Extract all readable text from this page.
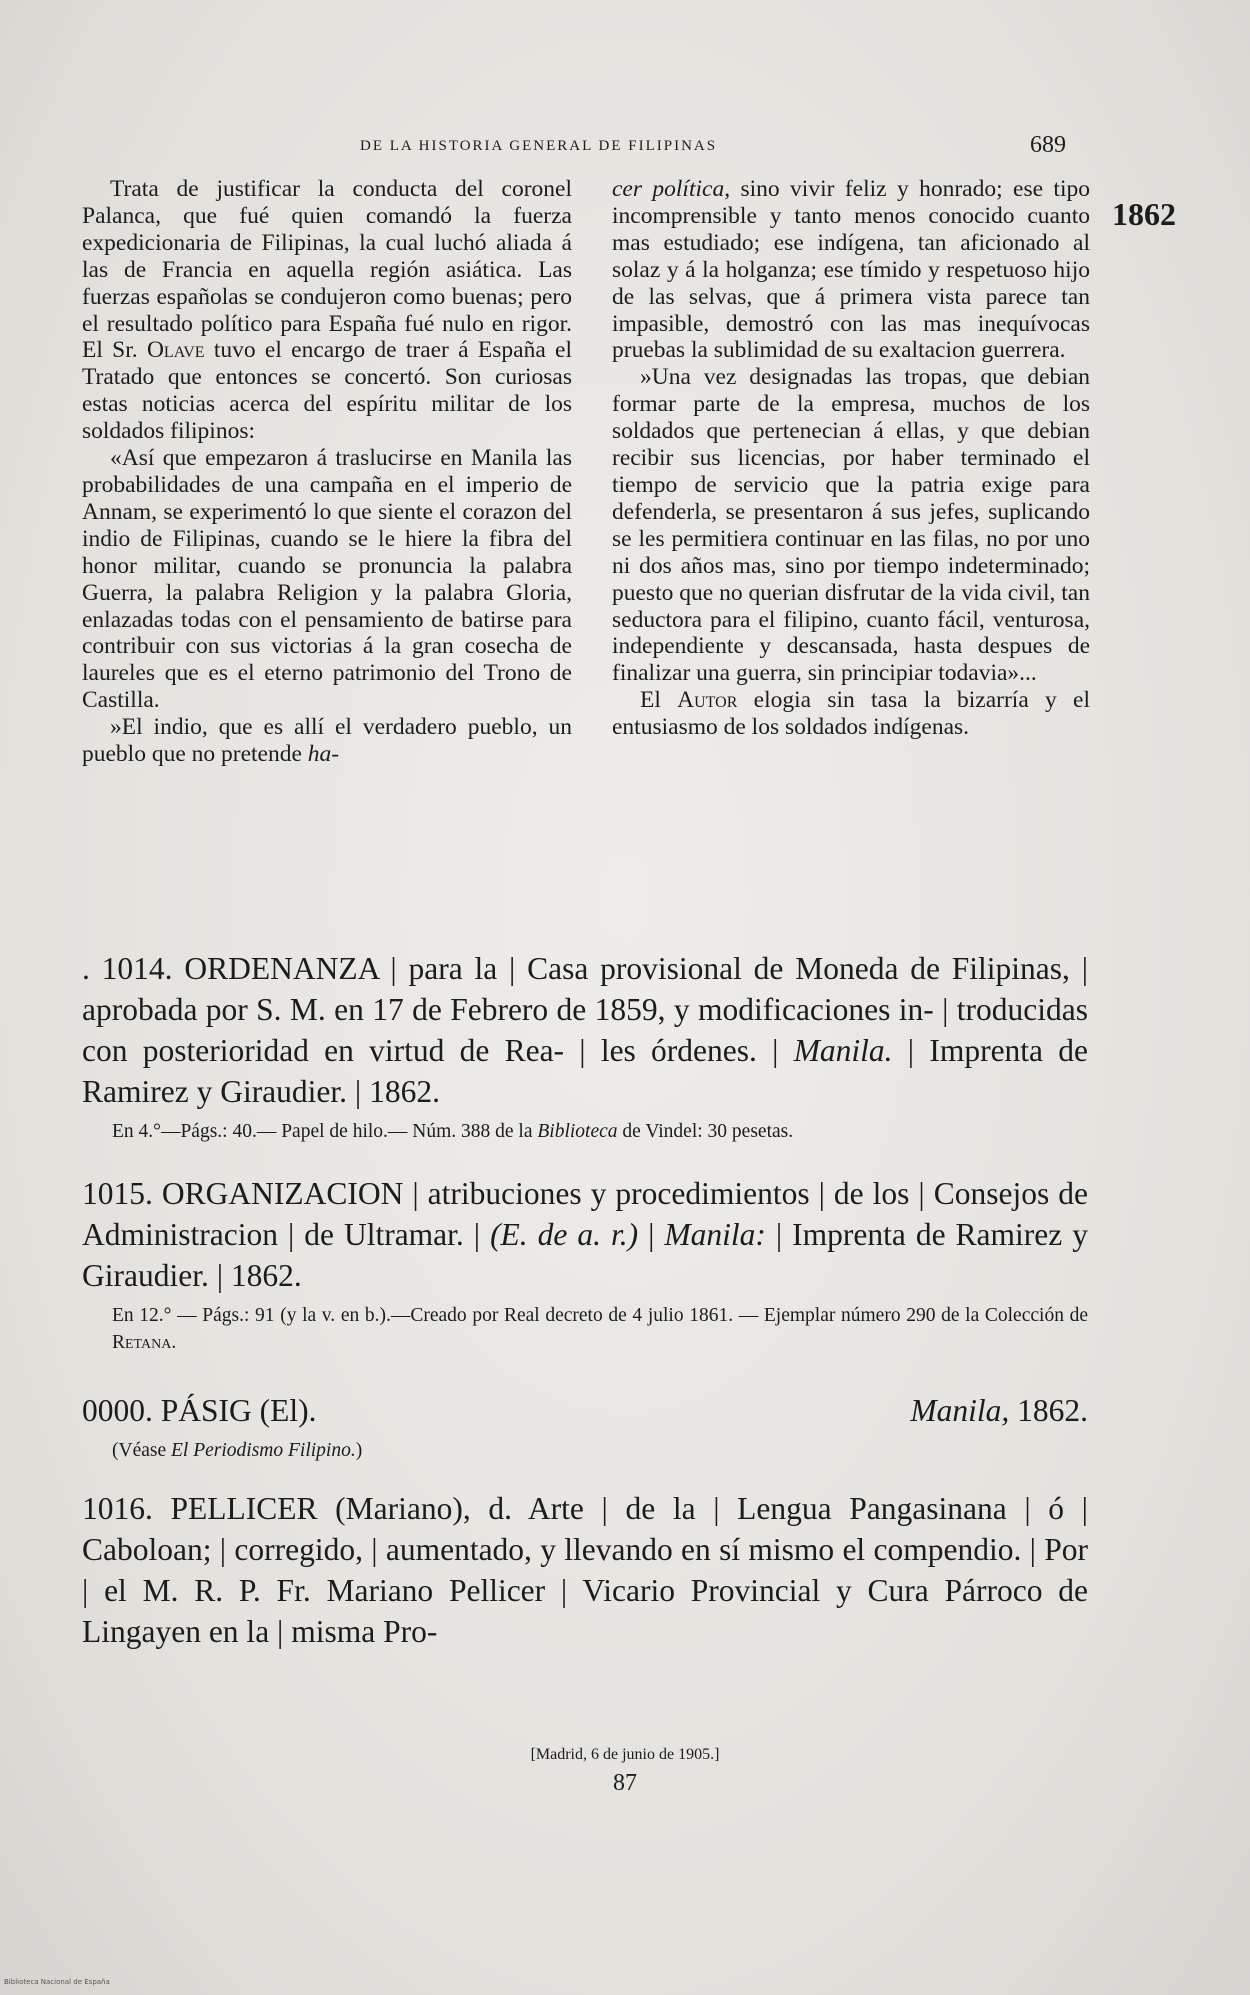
DE LA HISTORIA GENERAL DE FILIPINAS	689
1862

Trata de justificar la conducta del coronel Palanca, que fué quien comandó la fuerza expedicionaria de Filipinas, la cual luchó aliada á las de Francia en aquella región asiática. Las fuerzas españolas se condujeron como buenas; pero el resultado político para España fué nulo en rigor. El Sr. Olave tuvo el encargo de traer á España el Tratado que entonces se concertó. Son curiosas estas noticias acerca del espíritu militar de los soldados filipinos:

«Así que empezaron á traslucirse en Manila las probabilidades de una campaña en el imperio de Annam, se experimentó lo que siente el corazon del indio de Filipinas, cuando se le hiere la fibra del honor militar, cuando se pronuncia la palabra Guerra, la palabra Religion y la palabra Gloria, enlazadas todas con el pensamiento de batirse para contribuir con sus victorias á la gran cosecha de laureles que es el eterno patrimonio del Trono de Castilla.

»El indio, que es allí el verdadero pueblo, un pueblo que no pretende ha-

cer política, sino vivir feliz y honrado; ese tipo incomprensible y tanto menos conocido cuanto mas estudiado; ese indígena, tan aficionado al solaz y á la holganza; ese tímido y respetuoso hijo de las selvas, que á primera vista parece tan impasible, demostró con las mas inequívocas pruebas la sublimidad de su exaltacion guerrera.

»Una vez designadas las tropas, que debian formar parte de la empresa, muchos de los soldados que pertenecian á ellas, y que debian recibir sus licencias, por haber terminado el tiempo de servicio que la patria exige para defenderla, se presentaron á sus jefes, suplicando se les permitiera continuar en las filas, no por uno ni dos años mas, sino por tiempo indeterminado; puesto que no querian disfrutar de la vida civil, tan seductora para el filipino, cuanto fácil, venturosa, independiente y descansada, hasta despues de finalizar una guerra, sin principiar todavia»...

El Autor elogia sin tasa la bizarría y el entusiasmo de los soldados indígenas.

. 1014. ORDENANZA | para la | Casa provisional de Moneda de Filipinas, | aprobada por S. M. en 17 de Febrero de 1859, y modificaciones in- | troducidas con posterioridad en virtud de Rea- | les órdenes. | Manila. | Imprenta de Ramirez y Giraudier. | 1862.

En 4.°—Págs.: 40.— Papel de hilo.— Núm. 388 de la Biblioteca de Vindel: 30 pesetas.

1015. ORGANIZACION | atribuciones y procedimientos | de los | Consejos de Administracion | de Ultramar. | (E. de a. r.) | Manila: | Imprenta de Ramirez y Giraudier. | 1862.

En 12.° — Págs.: 91 (y la v. en b.).—Creado por Real decreto de 4 julio 1861. — Ejemplar número 290 de la Colección de Retana.

0000. PÁSIG (El).	Manila, 1862.

(Véase El Periodismo Filipino.)

1016. PELLICER (Mariano), d. Arte | de la | Lengua Pangasinana | ó | Caboloan; | corregido, | aumentado, y llevando en sí mismo el compendio. | Por | el M. R. P. Fr. Mariano Pellicer | Vicario Provincial y Cura Párroco de Lingayen en la | misma Pro-

[Madrid, 6 de junio de 1905.]
87
Biblioteca Nacional de España
